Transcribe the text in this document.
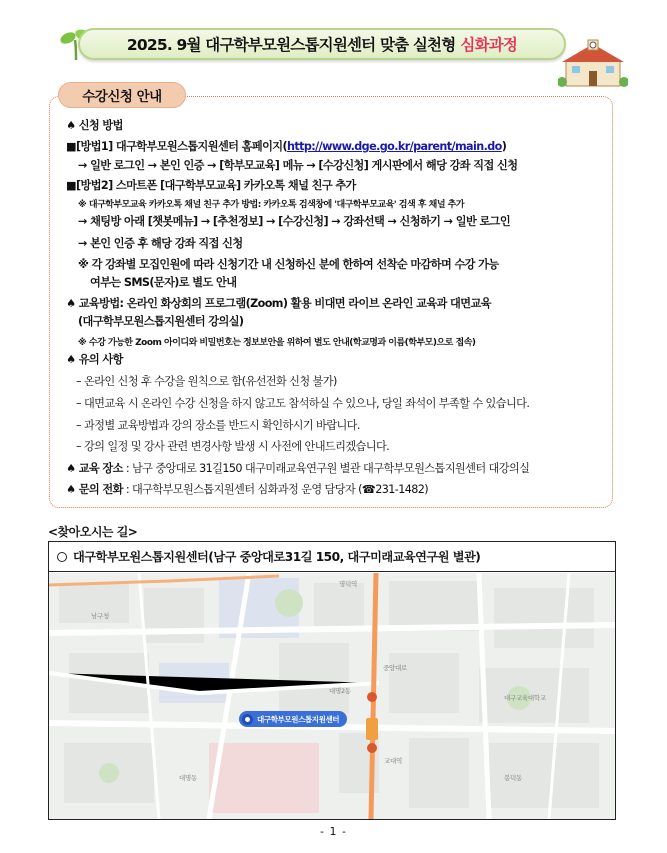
2025. 9월 대구학부모원스톱지원센터 맞춤 실천형 심화과정
수강신청 안내
♠ 신청 방법
■[방법1] 대구학부모원스톱지원센터 홈페이지(http://www.dge.go.kr/parent/main.do)
→ 일반 로그인 → 본인 인증 → [학부모교육] 메뉴 → [수강신청] 게시판에서 해당 강좌 직접 신청
■[방법2] 스마트폰 [대구학부모교육] 카카오톡 채널 친구 추가
※ 대구학부모교육 카카오톡 채널 친구 추가 방법: 카카오톡 검색창에 '대구학부모교육' 검색 후 채널 추가
→ 채팅방 아래 [챗봇메뉴] → [추천정보] → [수강신청] → 강좌선택 → 신청하기 → 일반 로그인
→ 본인 인증 후 해당 강좌 직접 신청
※ 각 강좌별 모집인원에 따라 신청기간 내 신청하신 분에 한하여 선착순 마감하며 수강 가능
여부는 SMS(문자)로 별도 안내
♠ 교육방법: 온라인 화상회의 프로그램(Zoom) 활용 비대면 라이브 온라인 교육과 대면교육
(대구학부모원스톱지원센터 강의실)
※ 수강 가능한 Zoom 아이디와 비밀번호는 정보보안을 위하여 별도 안내(학교명과 이름(학부모)으로 접속)
♠ 유의 사항
– 온라인 신청 후 수강을 원칙으로 함(유선전화 신청 불가)
– 대면교육 시 온라인 수강 신청을 하지 않고도 참석하실 수 있으나, 당일 좌석이 부족할 수 있습니다.
– 과정별 교육방법과 강의 장소를 반드시 확인하시기 바랍니다.
– 강의 일정 및 강사 관련 변경사항 발생 시 사전에 안내드리겠습니다.
♠ 교육 장소 : 남구 중앙대로 31길150 대구미래교육연구원 별관 대구학부모원스톱지원센터 대강의실
♠ 문의 전화 : 대구학부모원스톱지원센터 심화과정 운영 담당자 (☎231-1482)
<찾아오시는 길>
대구학부모원스톱지원센터(남구 중앙대로31길 150, 대구미래교육연구원 별관)
명덕역
대명2동
남구청
교대역
대구교육대학교
대명동	봉덕동
중앙대로
대구학부모원스톱지원센터
- 1 -
